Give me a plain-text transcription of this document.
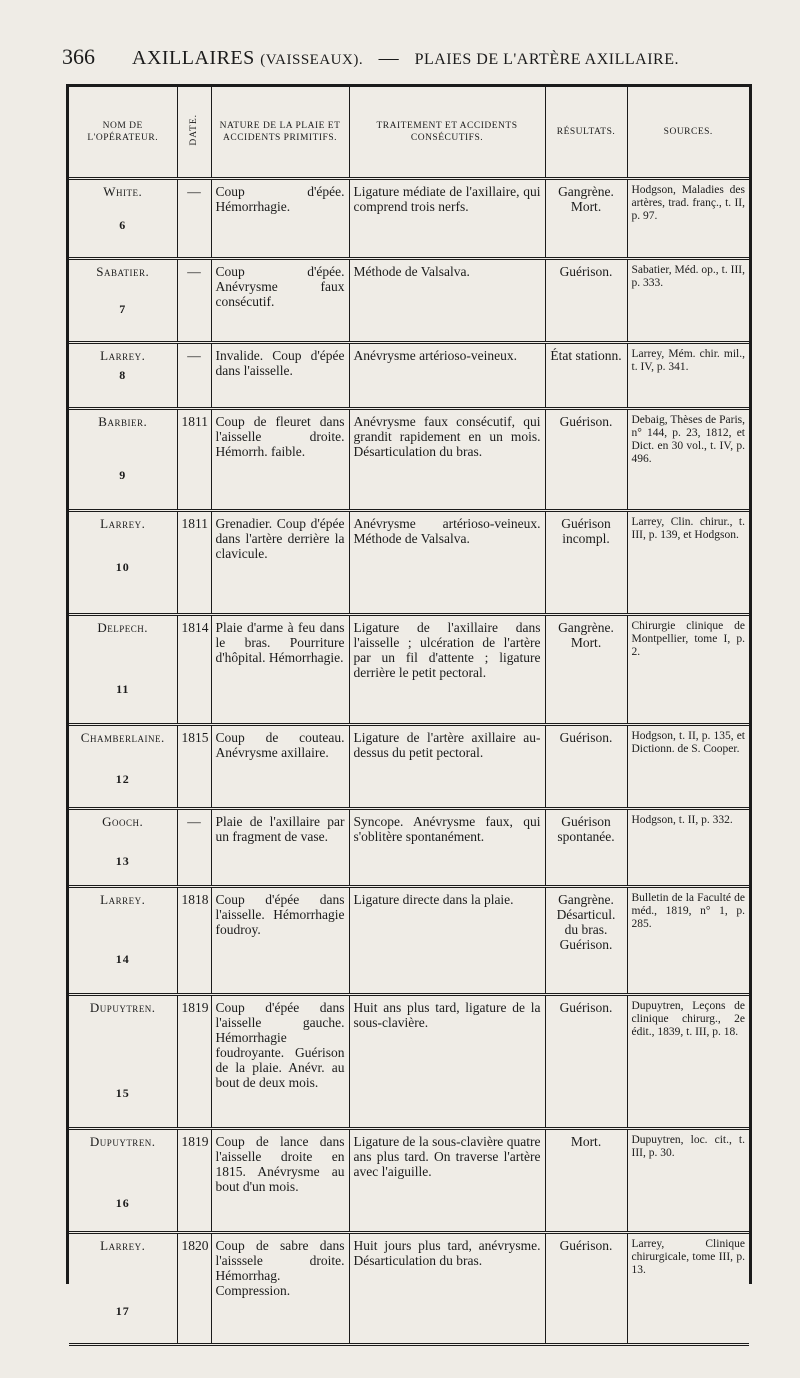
366	AXILLAIRES (VAISSEAUX). — PLAIES DE L'ARTÈRE AXILLAIRE.
NOM DE L'OPÉRATEUR.	DATE.	NATURE DE LA PLAIE ET ACCIDENTS PRIMITIFS.	TRAITEMENT ET ACCIDENTS CONSÉCUTIFS.	RÉSULTATS.	SOURCES.

White.
6	—	Coup d'épée. Hémorrhagie.	Ligature médiate de l'axillaire, qui comprend trois nerfs.	Gangrène. Mort.	Hodgson, Maladies des artères, trad. franç., t. II, p. 97.

Sabatier.
7	—	Coup d'épée. Anévrysme faux consécutif.	Méthode de Valsalva.	Guérison.	Sabatier, Méd. op., t. III, p. 333.

Larrey.
8	—	Invalide. Coup d'épée dans l'aisselle.	Anévrysme artérioso-veineux.	État stationn.	Larrey, Mém. chir. mil., t. IV, p. 341.

Barbier.
9	1811	Coup de fleuret dans l'aisselle droite. Hémorrh. faible.	Anévrysme faux consécutif, qui grandit rapidement en un mois. Désarticulation du bras.	Guérison.	Debaig, Thèses de Paris, n° 144, p. 23, 1812, et Dict. en 30 vol., t. IV, p. 496.

Larrey.
10	1811	Grenadier. Coup d'épée dans l'artère derrière la clavicule.	Anévrysme artérioso-veineux. Méthode de Valsalva.	Guérison incompl.	Larrey, Clin. chirur., t. III, p. 139, et Hodgson.

Delpech.
11	1814	Plaie d'arme à feu dans le bras. Pourriture d'hôpital. Hémorrhagie.	Ligature de l'axillaire dans l'aisselle ; ulcération de l'artère par un fil d'attente ; ligature derrière le petit pectoral.	Gangrène. Mort.	Chirurgie clinique de Montpellier, tome I, p. 2.

Chamberlaine.
12	1815	Coup de couteau. Anévrysme axillaire.	Ligature de l'artère axillaire au-dessus du petit pectoral.	Guérison.	Hodgson, t. II, p. 135, et Dictionn. de S. Cooper.

Gooch.
13	—	Plaie de l'axillaire par un fragment de vase.	Syncope. Anévrysme faux, qui s'oblitère spontanément.	Guérison spontanée.	Hodgson, t. II, p. 332.

Larrey.
14	1818	Coup d'épée dans l'aisselle. Hémorrhagie foudroy.	Ligature directe dans la plaie.	Gangrène. Désarticul. du bras. Guérison.	Bulletin de la Faculté de méd., 1819, n° 1, p. 285.

Dupuytren.
15	1819	Coup d'épée dans l'aisselle gauche. Hémorrhagie foudroyante. Guérison de la plaie. Anévr. au bout de deux mois.	Huit ans plus tard, ligature de la sous-clavière.	Guérison.	Dupuytren, Leçons de clinique chirurg., 2e édit., 1839, t. III, p. 18.

Dupuytren.
16	1819	Coup de lance dans l'aisselle droite en 1815. Anévrysme au bout d'un mois.	Ligature de la sous-clavière quatre ans plus tard. On traverse l'artère avec l'aiguille.	Mort.	Dupuytren, loc. cit., t. III, p. 30.

Larrey.
17	1820	Coup de sabre dans l'aisssele droite. Hémorrhag. Compression.	Huit jours plus tard, anévrysme. Désarticulation du bras.	Guérison.	Larrey, Clinique chirurgicale, tome III, p. 13.
